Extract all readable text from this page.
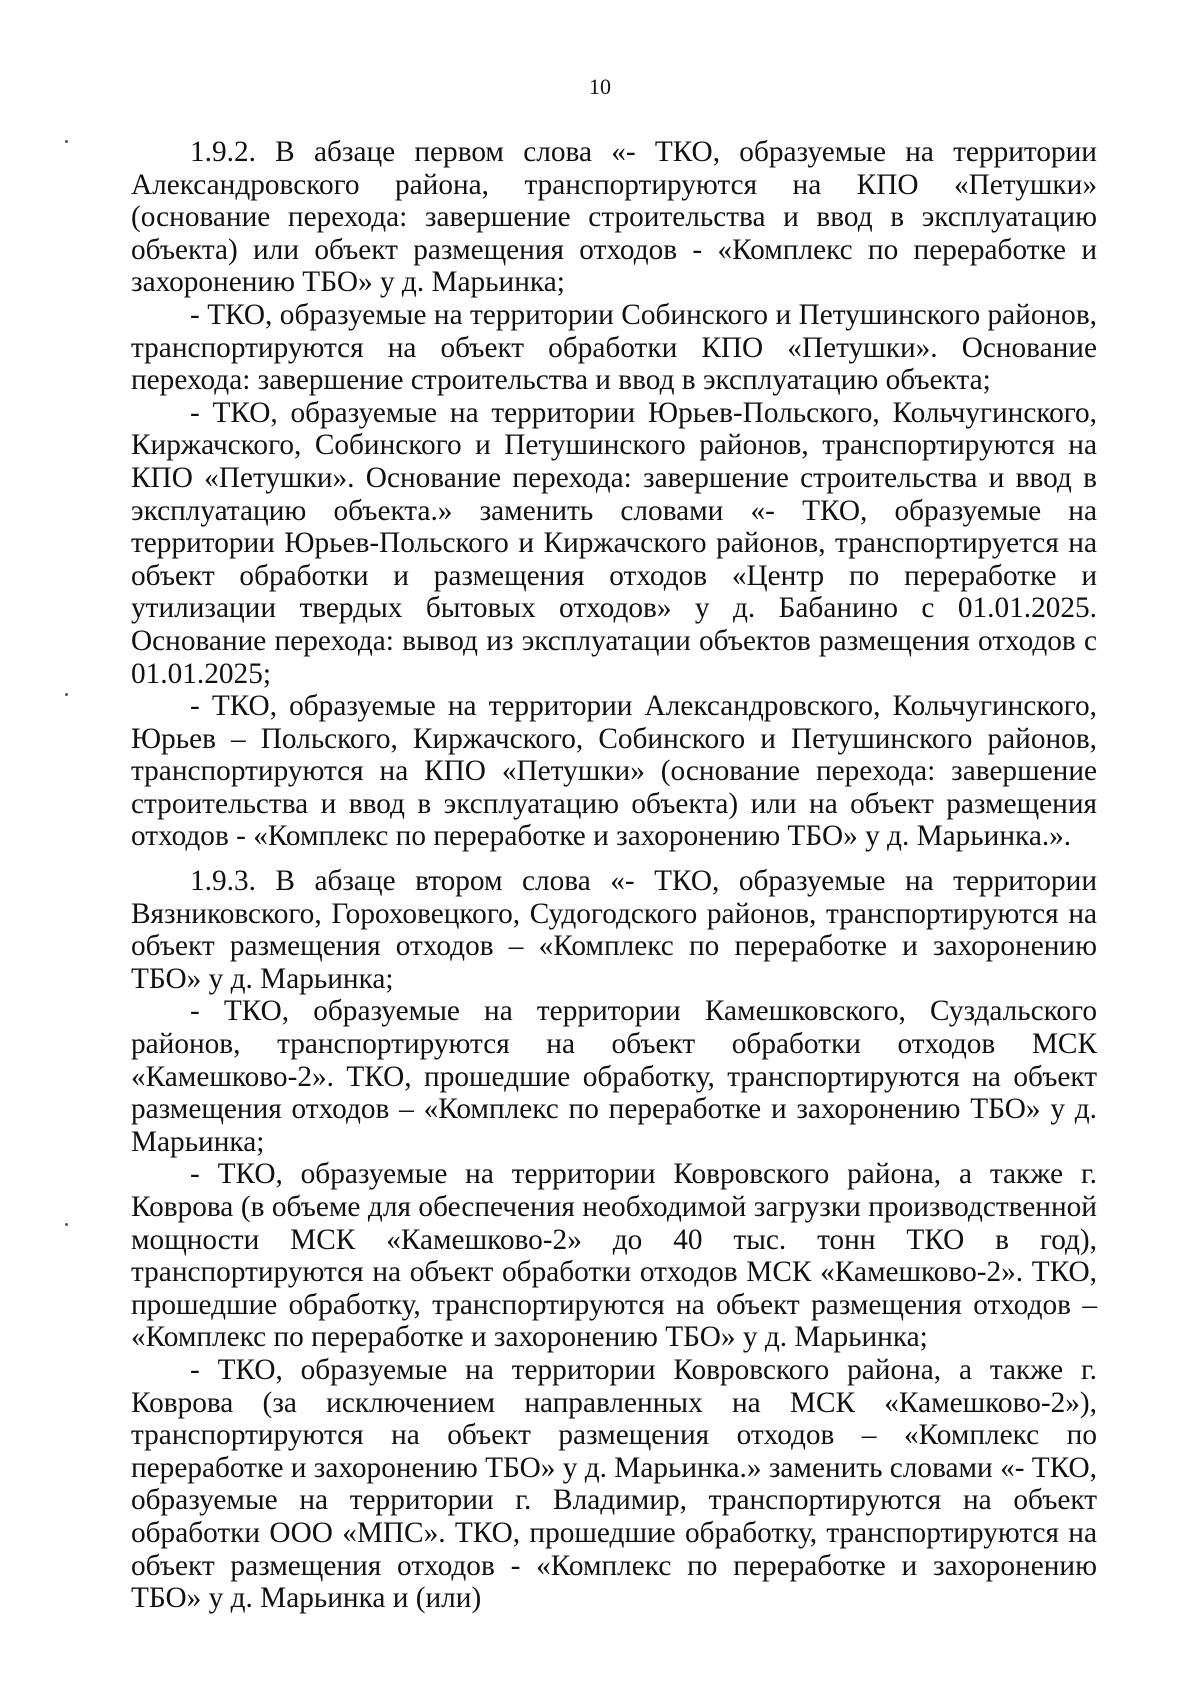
10

1.9.2. В абзаце первом слова «- ТКО, образуемые на территории Александровского района, транспортируются на КПО «Петушки» (основание перехода: завершение строительства и ввод в эксплуатацию объекта) или объект размещения отходов - «Комплекс по переработке и захоронению ТБО» у д. Марьинка;

- ТКО, образуемые на территории Собинского и Петушинского районов, транспортируются на объект обработки КПО «Петушки». Основание перехода: завершение строительства и ввод в эксплуатацию объекта;

- ТКО, образуемые на территории Юрьев-Польского, Кольчугинского, Киржачского, Собинского и Петушинского районов, транспортируются на КПО «Петушки». Основание перехода: завершение строительства и ввод в эксплуатацию объекта.» заменить словами «- ТКО, образуемые на территории Юрьев-Польского и Киржачского районов, транспортируется на объект обработки и размещения отходов «Центр по переработке и утилизации твердых бытовых отходов» у д. Бабанино с 01.01.2025. Основание перехода: вывод из эксплуатации объектов размещения отходов с 01.01.2025;

- ТКО, образуемые на территории Александровского, Кольчугинского, Юрьев – Польского, Киржачского, Собинского и Петушинского районов, транспортируются на КПО «Петушки» (основание перехода: завершение строительства и ввод в эксплуатацию объекта) или на объект размещения отходов - «Комплекс по переработке и захоронению ТБО» у д. Марьинка.».

1.9.3. В абзаце втором слова «- ТКО, образуемые на территории Вязниковского, Гороховецкого, Судогодского районов, транспортируются на объект размещения отходов – «Комплекс по переработке и захоронению ТБО» у д. Марьинка;

- ТКО, образуемые на территории Камешковского, Суздальского районов, транспортируются на объект обработки отходов МСК «Камешково-2». ТКО, прошедшие обработку, транспортируются на объект размещения отходов – «Комплекс по переработке и захоронению ТБО» у д. Марьинка;

- ТКО, образуемые на территории Ковровского района, а также г. Коврова (в объеме для обеспечения необходимой загрузки производственной мощности МСК «Камешково-2» до 40 тыс. тонн ТКО в год), транспортируются на объект обработки отходов МСК «Камешково-2». ТКО, прошедшие обработку, транспортируются на объект размещения отходов – «Комплекс по переработке и захоронению ТБО» у д. Марьинка;

- ТКО, образуемые на территории Ковровского района, а также г. Коврова (за исключением направленных на МСК «Камешково-2»), транспортируются на объект размещения отходов – «Комплекс по переработке и захоронению ТБО» у д. Марьинка.» заменить словами «- ТКО, образуемые на территории г. Владимир, транспортируются на объект обработки ООО «МПС». ТКО, прошедшие обработку, транспортируются на объект размещения отходов - «Комплекс по переработке и захоронению ТБО» у д. Марьинка и (или)
